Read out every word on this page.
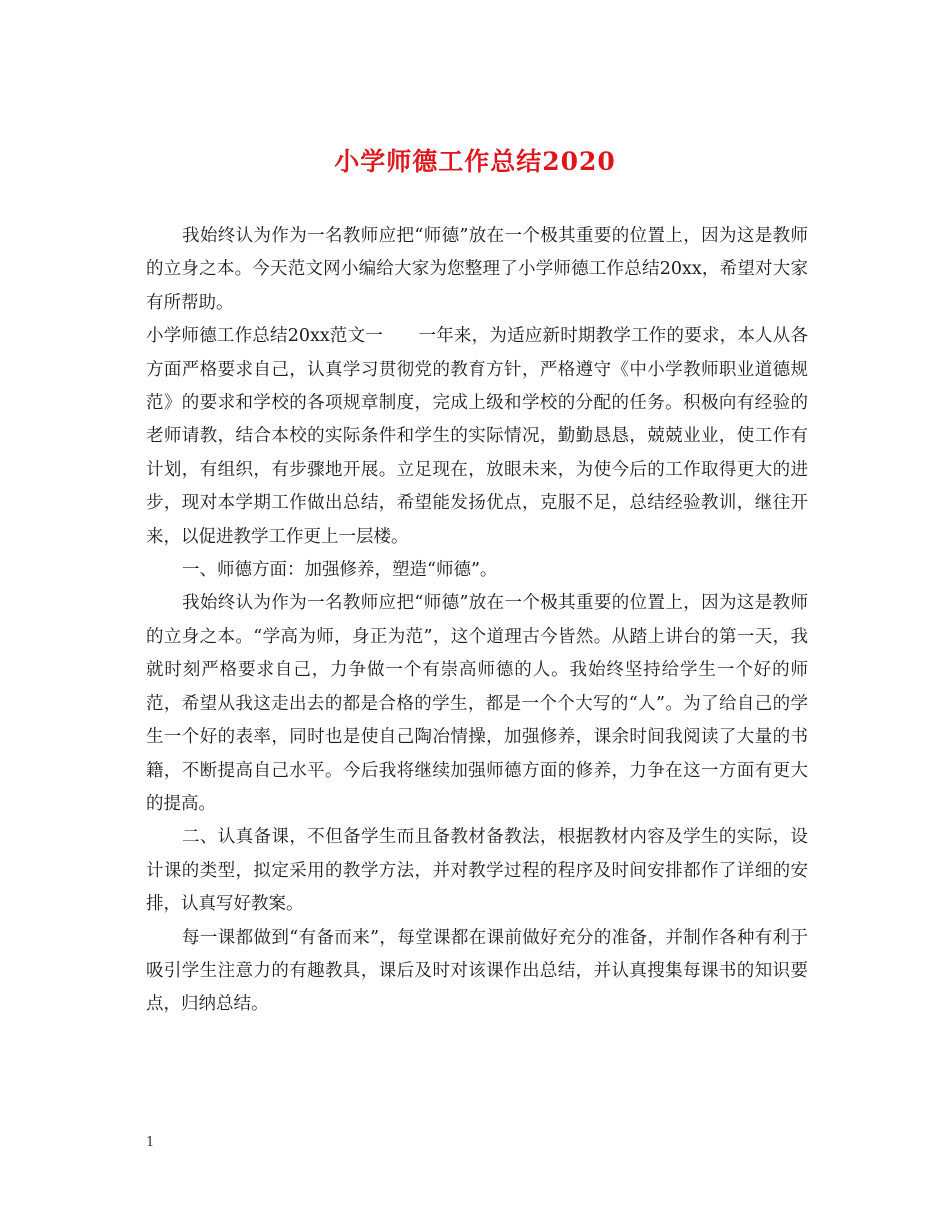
小学师德工作总结2020

我始终认为作为一名教师应把“师德”放在一个极其重要的位置上，因为这是教师的立身之本。今天范文网小编给大家为您整理了小学师德工作总结20xx，希望对大家有所帮助。

小学师德工作总结20xx范文一　　一年来，为适应新时期教学工作的要求，本人从各方面严格要求自己，认真学习贯彻党的教育方针，严格遵守《中小学教师职业道德规范》的要求和学校的各项规章制度，完成上级和学校的分配的任务。积极向有经验的老师请教，结合本校的实际条件和学生的实际情况，勤勤恳恳，兢兢业业，使工作有计划，有组织，有步骤地开展。立足现在，放眼未来，为使今后的工作取得更大的进步，现对本学期工作做出总结，希望能发扬优点，克服不足，总结经验教训，继往开来，以促进教学工作更上一层楼。

一、师德方面：加强修养，塑造“师德”。

我始终认为作为一名教师应把“师德”放在一个极其重要的位置上，因为这是教师的立身之本。“学高为师，身正为范”，这个道理古今皆然。从踏上讲台的第一天，我就时刻严格要求自己，力争做一个有崇高师德的人。我始终坚持给学生一个好的师范，希望从我这走出去的都是合格的学生，都是一个个大写的“人”。为了给自己的学生一个好的表率，同时也是使自己陶冶情操，加强修养，课余时间我阅读了大量的书籍，不断提高自己水平。今后我将继续加强师德方面的修养，力争在这一方面有更大的提高。

二、认真备课，不但备学生而且备教材备教法，根据教材内容及学生的实际，设计课的类型，拟定采用的教学方法，并对教学过程的程序及时间安排都作了详细的安排，认真写好教案。

每一课都做到“有备而来”，每堂课都在课前做好充分的准备，并制作各种有利于吸引学生注意力的有趣教具，课后及时对该课作出总结，并认真搜集每课书的知识要点，归纳总结。

1
